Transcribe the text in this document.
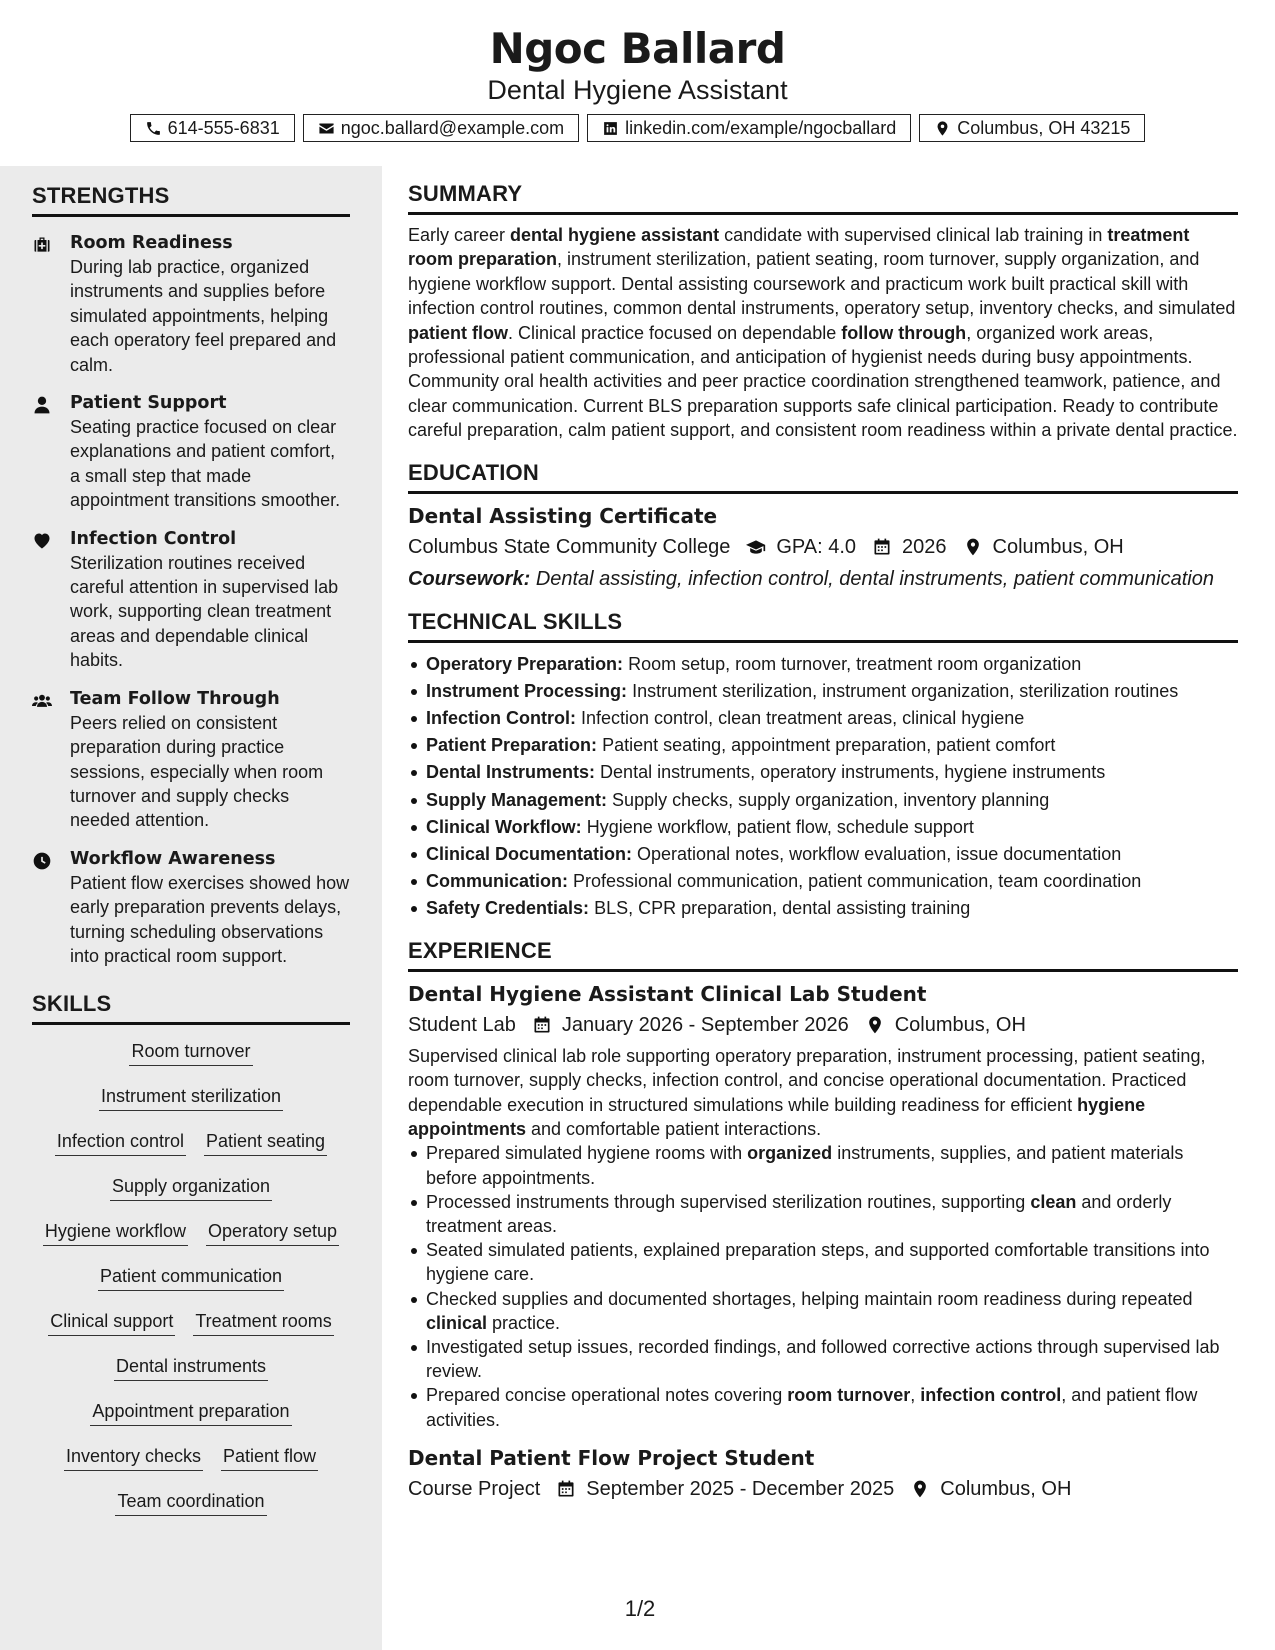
Ngoc Ballard
Dental Hygiene Assistant
614-555-6831	ngoc.ballard@example.com	linkedin.com/example/ngocballard	Columbus, OH 43215
STRENGTHS
Room Readiness
During lab practice, organized instruments and supplies before simulated appointments, helping each operatory feel prepared and calm.
Patient Support
Seating practice focused on clear explanations and patient comfort, a small step that made appointment transitions smoother.
Infection Control
Sterilization routines received careful attention in supervised lab work, supporting clean treatment areas and dependable clinical habits.
Team Follow Through
Peers relied on consistent preparation during practice sessions, especially when room turnover and supply checks needed attention.
Workflow Awareness
Patient flow exercises showed how early preparation prevents delays, turning scheduling observations into practical room support.
SKILLS
Room turnover
Instrument sterilization
Infection control Patient seating
Supply organization
Hygiene workflow Operatory setup
Patient communication
Clinical support Treatment rooms
Dental instruments
Appointment preparation
Inventory checks Patient flow
Team coordination
SUMMARY
Early career dental hygiene assistant candidate with supervised clinical lab training in treatment room preparation, instrument sterilization, patient seating, room turnover, supply organization, and hygiene workflow support. Dental assisting coursework and practicum work built practical skill with infection control routines, common dental instruments, operatory setup, inventory checks, and simulated patient flow. Clinical practice focused on dependable follow through, organized work areas, professional patient communication, and anticipation of hygienist needs during busy appointments. Community oral health activities and peer practice coordination strengthened teamwork, patience, and clear communication. Current BLS preparation supports safe clinical participation. Ready to contribute careful preparation, calm patient support, and consistent room readiness within a private dental practice.
EDUCATION
Dental Assisting Certificate
Columbus State Community College GPA: 4.0 2026 Columbus, OH
Coursework: Dental assisting, infection control, dental instruments, patient communication
TECHNICAL SKILLS
Operatory Preparation: Room setup, room turnover, treatment room organization
Instrument Processing: Instrument sterilization, instrument organization, sterilization routines
Infection Control: Infection control, clean treatment areas, clinical hygiene
Patient Preparation: Patient seating, appointment preparation, patient comfort
Dental Instruments: Dental instruments, operatory instruments, hygiene instruments
Supply Management: Supply checks, supply organization, inventory planning
Clinical Workflow: Hygiene workflow, patient flow, schedule support
Clinical Documentation: Operational notes, workflow evaluation, issue documentation
Communication: Professional communication, patient communication, team coordination
Safety Credentials: BLS, CPR preparation, dental assisting training
EXPERIENCE
Dental Hygiene Assistant Clinical Lab Student
Student Lab January 2026 - September 2026 Columbus, OH
Supervised clinical lab role supporting operatory preparation, instrument processing, patient seating, room turnover, supply checks, infection control, and concise operational documentation. Practiced dependable execution in structured simulations while building readiness for efficient hygiene appointments and comfortable patient interactions.
Prepared simulated hygiene rooms with organized instruments, supplies, and patient materials before appointments.
Processed instruments through supervised sterilization routines, supporting clean and orderly treatment areas.
Seated simulated patients, explained preparation steps, and supported comfortable transitions into hygiene care.
Checked supplies and documented shortages, helping maintain room readiness during repeated clinical practice.
Investigated setup issues, recorded findings, and followed corrective actions through supervised lab review.
Prepared concise operational notes covering room turnover, infection control, and patient flow activities.
Dental Patient Flow Project Student
Course Project September 2025 - December 2025 Columbus, OH
1/2
